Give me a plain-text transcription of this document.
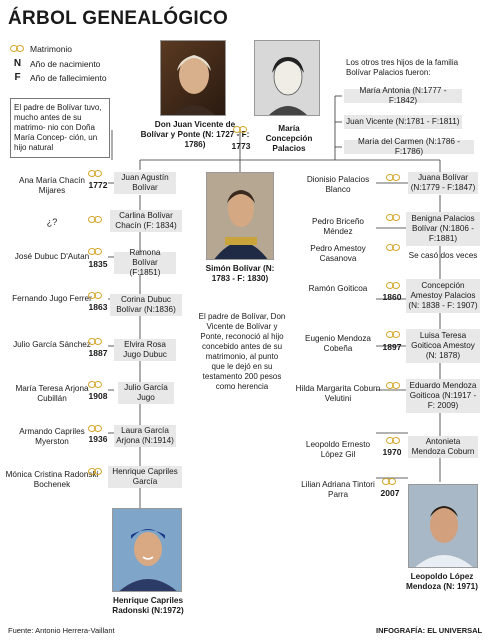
ÁRBOL GENEALÓGICO
Matrimonio
N	Año de nacimiento
F	Año de fallecimiento
El padre de Bolívar tuvo, mucho antes de su matrimo- nio con Doña María Concep- ción, un hijo natural
Don Juan Vicente de Bolívar y Ponte (N: 1727 - F: 1786)
María Concepción Palacios
1773
Los otros tres hijos de la familia Bolívar Palacios fueron:
María Antonia (N:1777 - F:1842)
Juan Vicente (N:1781 - F:1811)
María del Carmen (N:1786 - F:1786)
Simón Bolívar (N: 1783 - F: 1830)
El padre de Bolívar, Don Vicente de Bolívar y Ponte, reconoció al hijo concebido antes de su matrimonio, al punto que le dejó en su testamento 200 pesos como herencia
Ana María Chacín Mijares
1772
Juan Agustín Bolívar
¿?
Carlina Bolívar Chacín (F: 1834)
José Dubuc D'Autan
1835
Ramona Bolívar (F:1851)
Fernando Jugo Ferrer
1863
Corina Dubuc Bolívar (N:1836)
Julio García Sánchez
1887
Elvira Rosa Jugo Dubuc
María Teresa Arjona Cubillán	1908
Julio García Jugo
Armando Capriles Myerston	1936
Laura García Arjona (N:1914)
Mónica Cristina Radonski Bochenek
Henrique Capriles García
Henrique Capriles Radonski (N:1972)
Dionisio Palacios Blanco
Juana Bolívar (N:1779 - F:1847)
Pedro Briceño Méndez
Benigna Palacios Bolívar (N:1806 - F:1881)
Pedro Amestoy Casanova	Se casó dos veces
Ramón Goiticoa
1860
Concepción Amestoy Palacios (N: 1838 - F: 1907)
Eugenio Mendoza Cobeña	1897
Luisa Teresa Goiticoa Amestoy (N: 1878)
Hilda Margarita Coburn Velutini
Eduardo Mendoza Goiticoa (N:1917 - F: 2009)
Leopoldo Ernesto López Gil	1970
Antonieta Mendoza Coburn
Lilian Adriana Tintori Parra	2007
Leopoldo López Mendoza (N: 1971)
Fuente: Antonio Herrera-Vaillant	INFOGRAFÍA: EL UNIVERSAL
